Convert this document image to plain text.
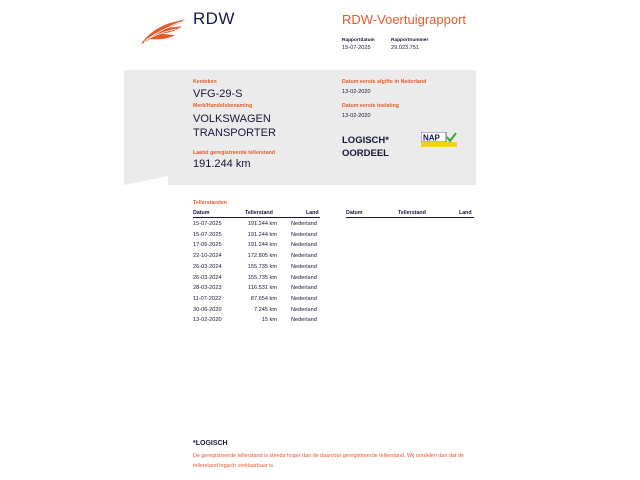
RDW	RDW-Voertuigrapport
Rapportdatum	Rapportnummer
15-07-2025	29.023.751
Kenteken
VFG-29-S
Merk/Handelsbenaming
VOLKSWAGEN
TRANSPORTER
Laatst geregistreerde tellerstand
191.244 km
Datum eerste afgifte in Nederland
13-02-2020
Datum eerste toelating
13-02-2020
LOGISCH*
OORDEEL
NAP
Tellerstanden
Datum	Tellerstand	Land	Datum	Tellerstand	Land
15-07-2025	191.244 km	Nederland
15-07-2025	191.244 km	Nederland
17-06-2025	191.244 km	Nederland
22-10-2024	172.805 km	Nederland
26-03-2024	155.735 km	Nederland
26-03-2024	155.735 km	Nederland
28-03-2023	116.531 km	Nederland
11-07-2022	87.654 km	Nederland
30-06-2020	7.245 km	Nederland
13-02-2020	15 km	Nederland
*LOGISCH
De geregistreerde tellerstand is steeds hoger dan de daarvoor geregistreerde tellerstand. Wij oordelen dan dat de tellerstand logisch verklaarbaar is.
